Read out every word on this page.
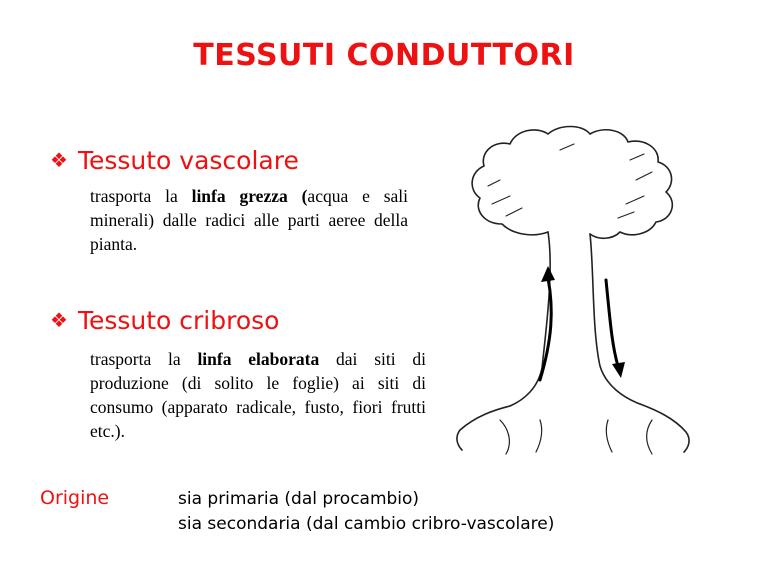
TESSUTI CONDUTTORI
❖ Tessuto vascolare
trasporta la linfa grezza (acqua e sali minerali) dalle radici alle parti aeree della pianta.
❖ Tessuto cribroso
trasporta la linfa elaborata dai siti di produzione (di solito le foglie) ai siti di consumo (apparato radicale, fusto, fiori frutti etc.).
Origine	sia primaria (dal procambio)
sia secondaria (dal cambio cribro-vascolare)
